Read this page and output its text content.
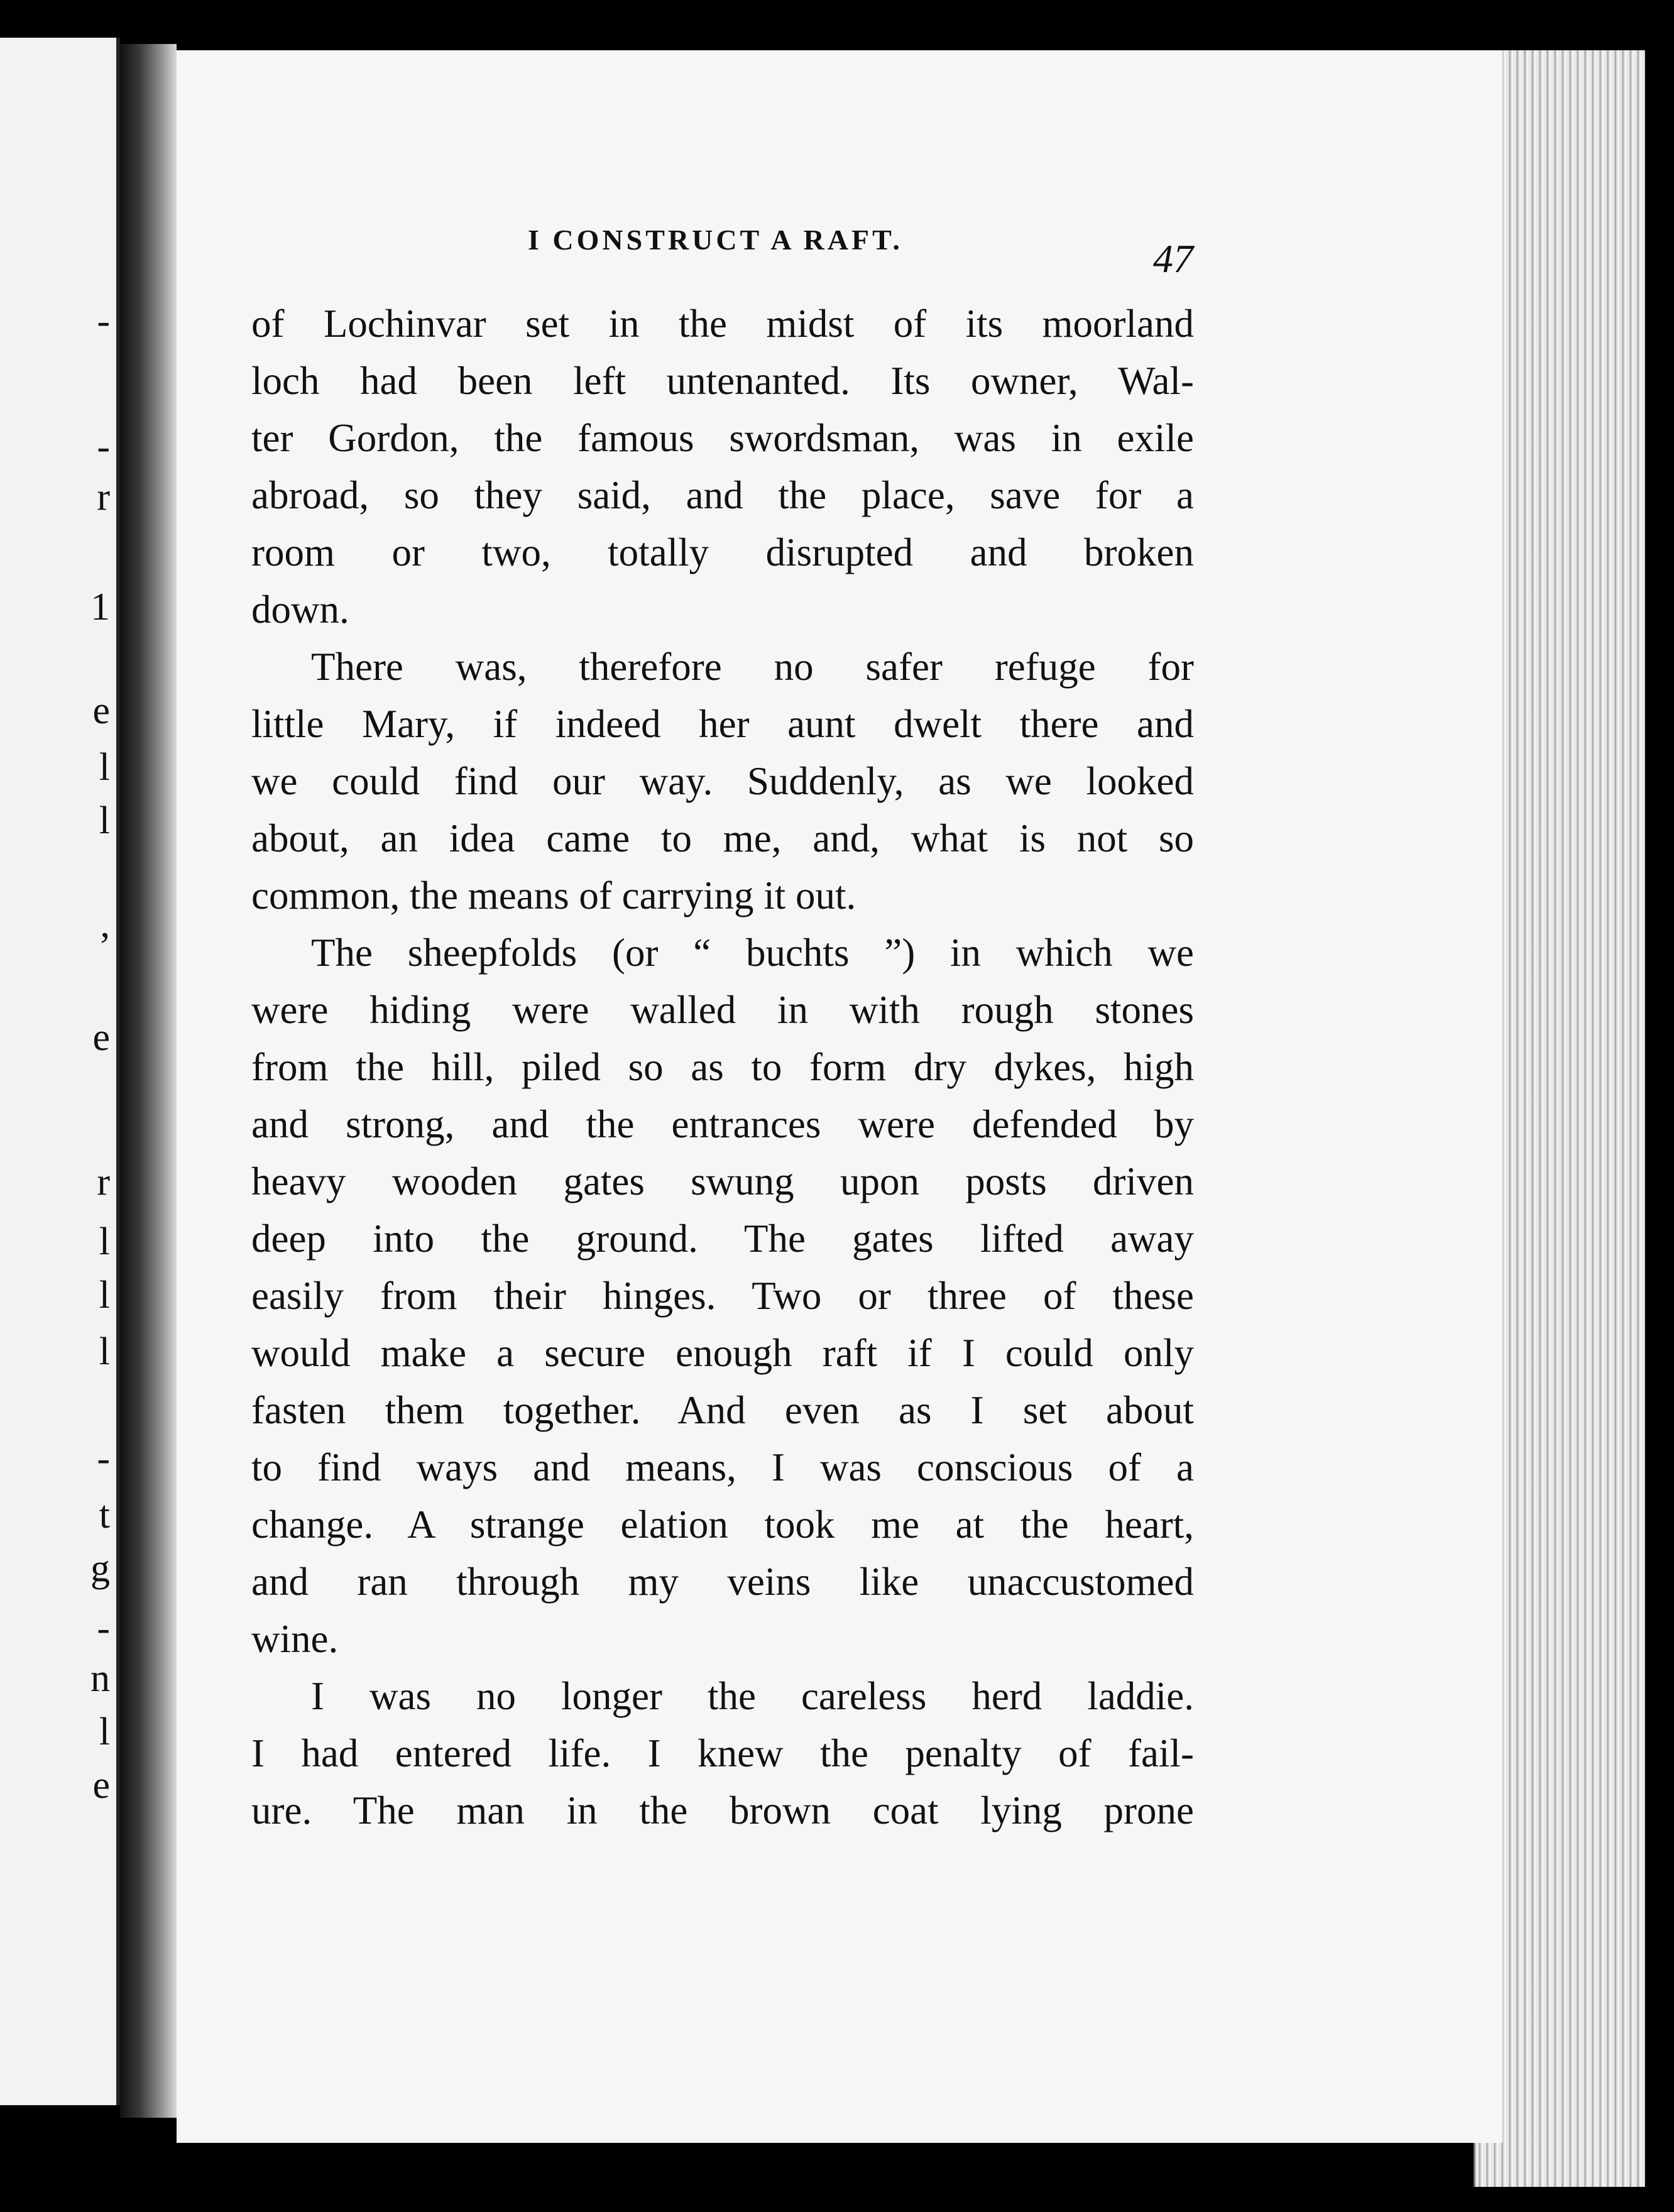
-
-
r
1
e
l
l
,
e
r
l
l
l
-
t
g
-
n
l
e
I CONSTRUCT A RAFT.	47

of Lochinvar set in the midst of its moorland
loch had been left untenanted. Its owner, Wal-
ter Gordon, the famous swordsman, was in exile
abroad, so they said, and the place, save for a
room or two, totally disrupted and broken
down.

There was, therefore no safer refuge for
little Mary, if indeed her aunt dwelt there and
we could find our way. Suddenly, as we looked
about, an idea came to me, and, what is not so
common, the means of carrying it out.

The sheepfolds (or “ buchts ”) in which we
were hiding were walled in with rough stones
from the hill, piled so as to form dry dykes, high
and strong, and the entrances were defended by
heavy wooden gates swung upon posts driven
deep into the ground. The gates lifted away
easily from their hinges. Two or three of these
would make a secure enough raft if I could only
fasten them together. And even as I set about
to find ways and means, I was conscious of a
change. A strange elation took me at the heart,
and ran through my veins like unaccustomed
wine.

I was no longer the careless herd laddie.
I had entered life. I knew the penalty of fail-
ure. The man in the brown coat lying prone
